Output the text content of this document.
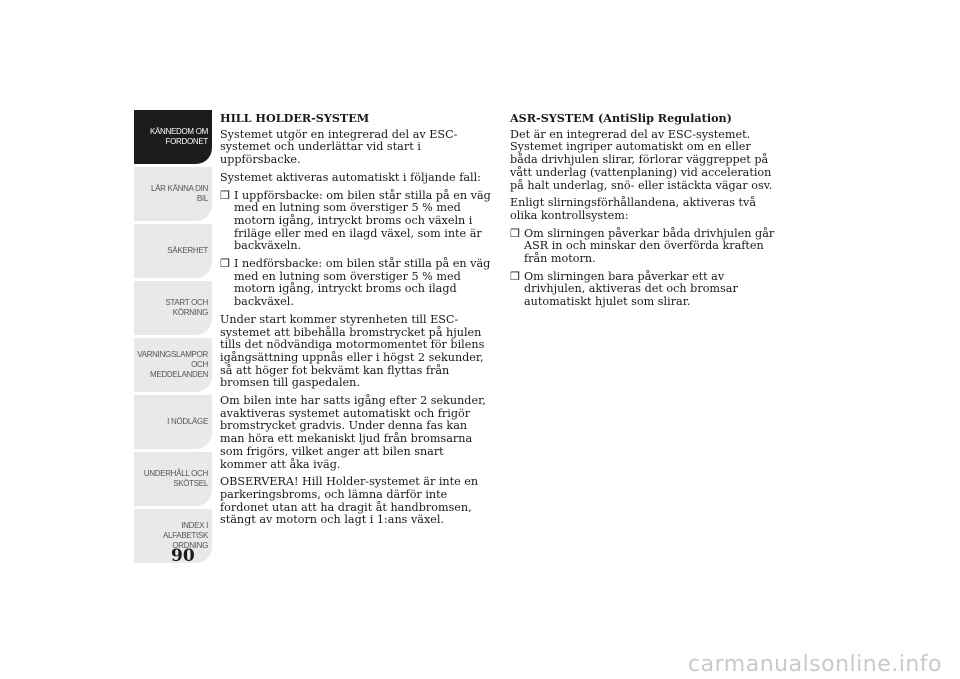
KÄNNEDOM OM
FORDONET
LÄR KÄNNA DIN
BIL
SÄKERHET
START OCH
KÖRNING
VARNINGSLAMPOR
OCH
MEDDELANDEN
I NÖDLÄGE
UNDERHÅLL OCH
SKÖTSEL
INDEX I
ALFABETISK
ORDNING
90

HILL HOLDER-SYSTEM

Systemet utgör en integrerad del av ESC-systemet och underlättar vid start i uppförsbacke.

Systemet aktiveras automatiskt i följande fall:

❒ I uppförsbacke: om bilen står stilla på en väg med en lutning som överstiger 5 % med motorn igång, intryckt broms och växeln i friläge eller med en ilagd växel, som inte är backväxeln.
❒ I nedförsbacke: om bilen står stilla på en väg med en lutning som överstiger 5 % med motorn igång, intryckt broms och ilagd backväxel.

Under start kommer styrenheten till ESC-systemet att bibehålla bromstrycket på hjulen tills det nödvändiga motormomentet för bilens igångsättning uppnås eller i högst 2 sekunder, så att höger fot bekvämt kan flyttas från bromsen till gaspedalen.

Om bilen inte har satts igång efter 2 sekunder, avaktiveras systemet automatiskt och frigör bromstrycket gradvis. Under denna fas kan man höra ett mekaniskt ljud från bromsarna som frigörs, vilket anger att bilen snart kommer att åka iväg.

OBSERVERA! Hill Holder-systemet är inte en parkeringsbroms, och lämna därför inte fordonet utan att ha dragit åt handbromsen, stängt av motorn och lagt i 1:ans växel.

ASR-SYSTEM (AntiSlip Regulation)

Det är en integrerad del av ESC-systemet. Systemet ingriper automatiskt om en eller båda drivhjulen slirar, förlorar väggreppet på vått underlag (vattenplaning) vid acceleration på halt underlag, snö- eller istäckta vägar osv.

Enligt slirningsförhållandena, aktiveras två olika kontrollsystem:

❒ Om slirningen påverkar båda drivhjulen går ASR in och minskar den överförda kraften från motorn.
❒ Om slirningen bara påverkar ett av drivhjulen, aktiveras det och bromsar automatiskt hjulet som slirar.
carmanualsonline.info
